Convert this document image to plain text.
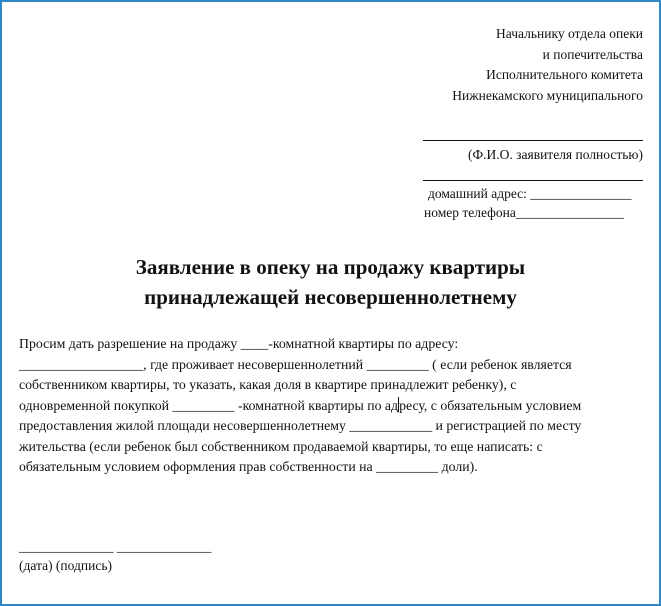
Начальнику отдела опеки
и попечительства
Исполнительного комитета
Нижнекамского муниципального
(Ф.И.О. заявителя полностью)
домашний адрес: _______________
номер телефона________________
Заявление в опеку на продажу квартиры
принадлежащей несовершеннолетнему

Просим дать разрешение на продажу ____-комнатной квартиры по адресу:

__________________, где проживает несовершеннолетний _________ ( если ребенок является

собственником квартиры, то указать, какая доля в квартире принадлежит ребенку), с

одновременной покупкой _________ -комнатной квартиры по адресу, с обязательным условием

предоставления жилой площади несовершеннолетнему ____________ и регистрацией по месту

жительства (если ребенок был собственником продаваемой квартиры, то еще написать: с

обязательным условием оформления прав собственности на _________ доли).

______________ ______________
(дата) (подпись)
